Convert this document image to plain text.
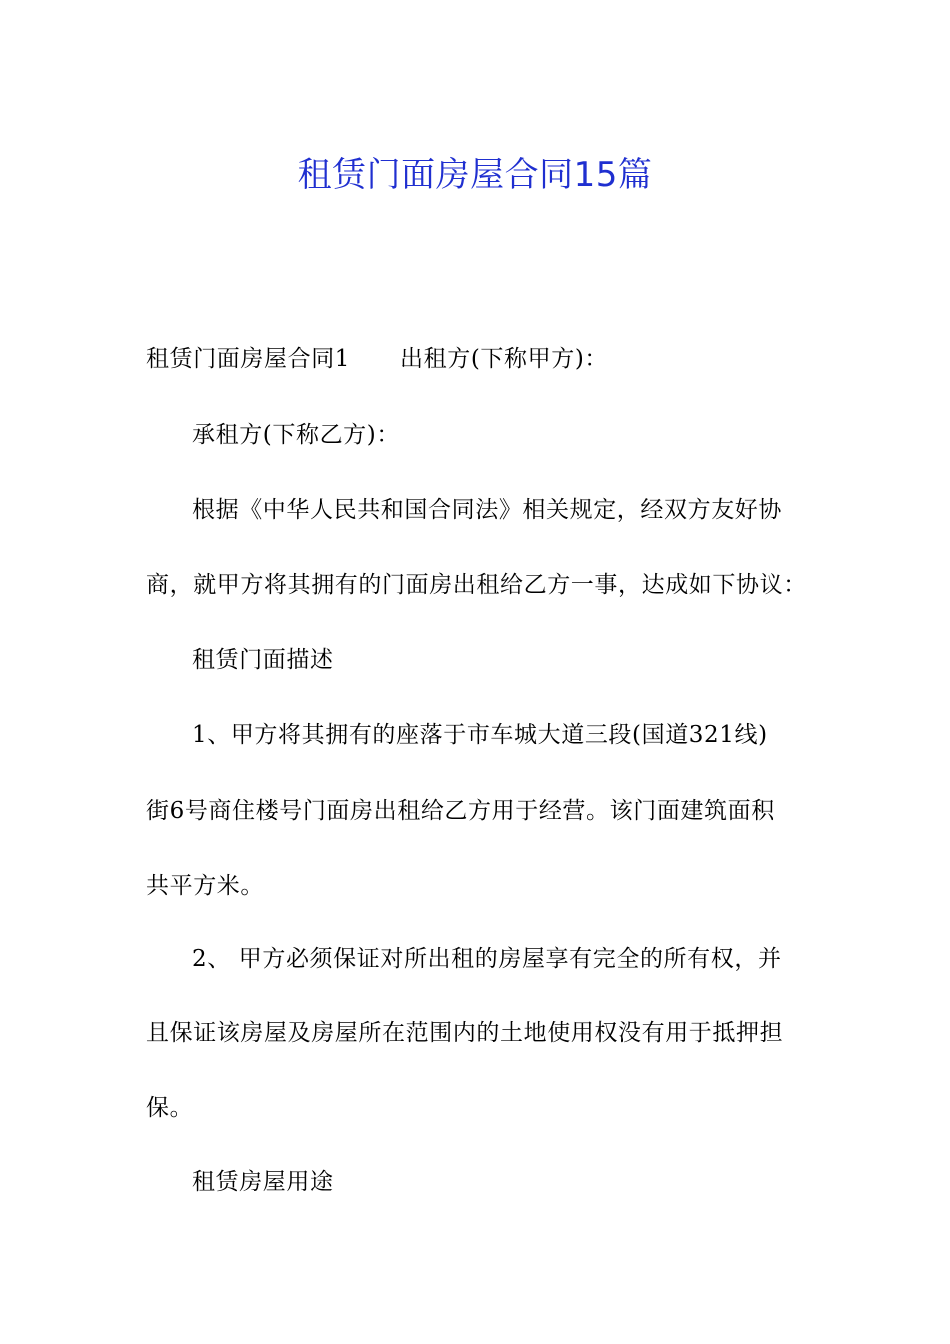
租赁门面房屋合同15篇
租赁门面房屋合同1 出租方(下称甲方)：
承租方(下称乙方)：
根据《中华人民共和国合同法》相关规定，经双方友好协
商，就甲方将其拥有的门面房出租给乙方一事，达成如下协议：
租赁门面描述
1、甲方将其拥有的座落于市车城大道三段(国道321线)
街6号商住楼号门面房出租给乙方用于经营。该门面建筑面积
共平方米。
2、 甲方必须保证对所出租的房屋享有完全的所有权，并
且保证该房屋及房屋所在范围内的土地使用权没有用于抵押担
保。
租赁房屋用途
